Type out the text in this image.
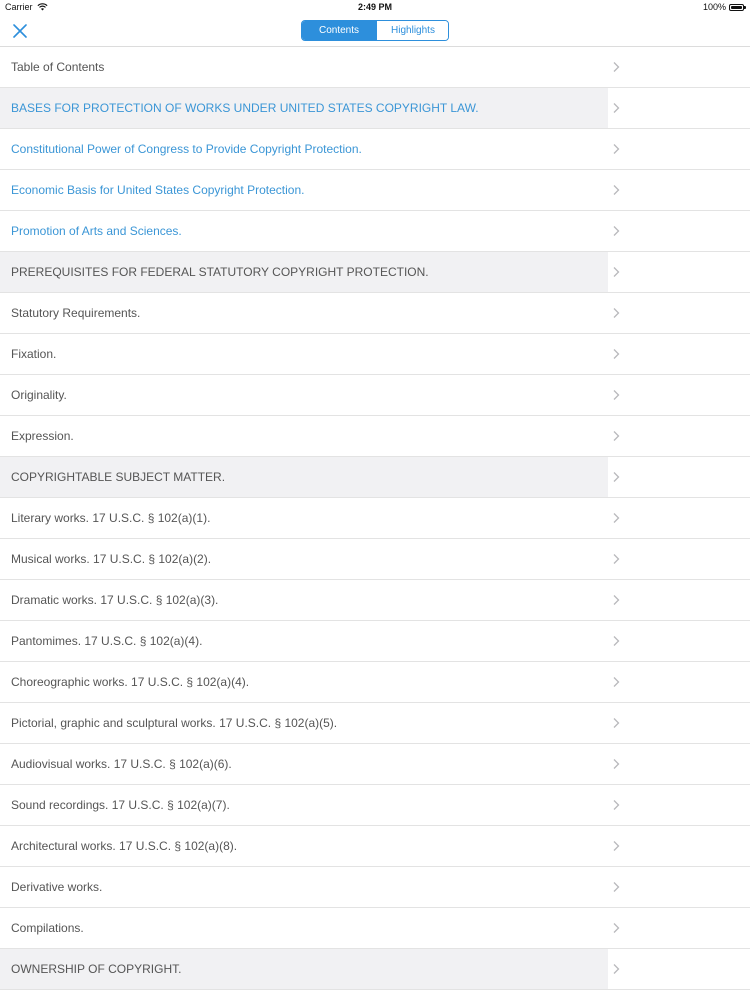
Carrier	2:49 PM	100%
Contents	Highlights
Table of Contents
BASES FOR PROTECTION OF WORKS UNDER UNITED STATES COPYRIGHT LAW.
Constitutional Power of Congress to Provide Copyright Protection.
Economic Basis for United States Copyright Protection.
Promotion of Arts and Sciences.
PREREQUISITES FOR FEDERAL STATUTORY COPYRIGHT PROTECTION.
Statutory Requirements.
Fixation.
Originality.
Expression.
COPYRIGHTABLE SUBJECT MATTER.
Literary works. 17 U.S.C. § 102(a)(1).
Musical works. 17 U.S.C. § 102(a)(2).
Dramatic works. 17 U.S.C. § 102(a)(3).
Pantomimes. 17 U.S.C. § 102(a)(4).
Choreographic works. 17 U.S.C. § 102(a)(4).
Pictorial, graphic and sculptural works. 17 U.S.C. § 102(a)(5).
Audiovisual works. 17 U.S.C. § 102(a)(6).
Sound recordings. 17 U.S.C. § 102(a)(7).
Architectural works. 17 U.S.C. § 102(a)(8).
Derivative works.
Compilations.
OWNERSHIP OF COPYRIGHT.
